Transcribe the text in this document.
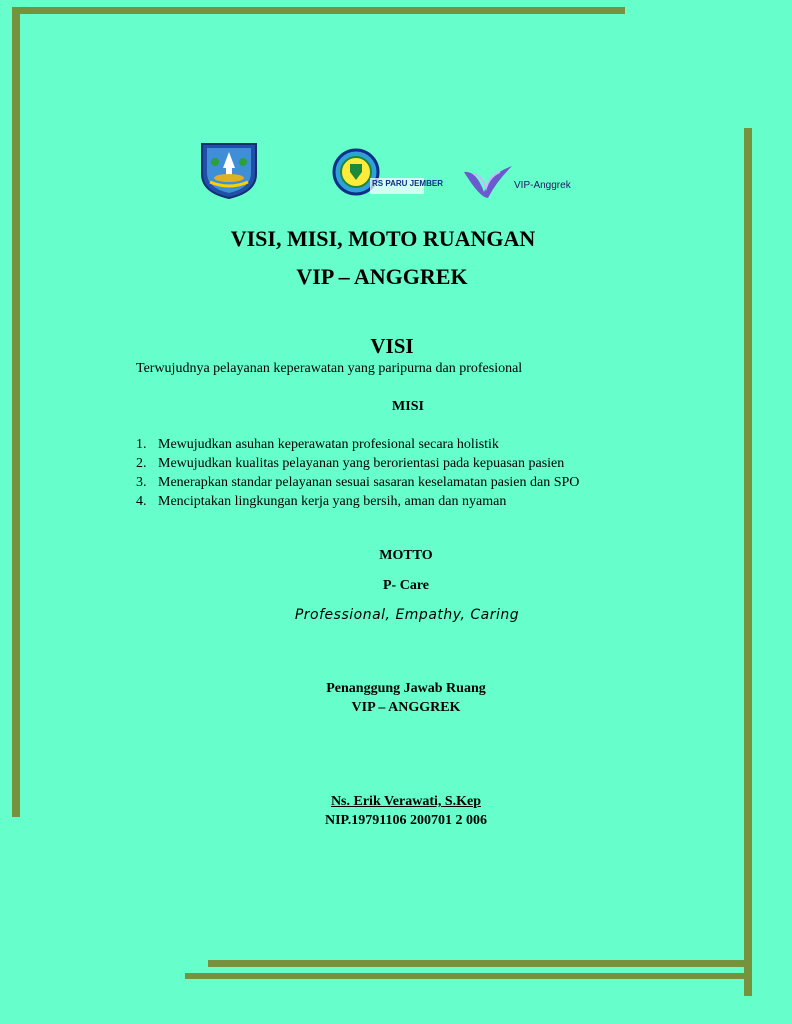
RS PARU JEMBER	VIP-Anggrek
VISI, MISI, MOTO RUANGAN
VIP – ANGGREK
VISI
Terwujudnya pelayanan keperawatan yang paripurna dan profesional
MISI
1. Mewujudkan asuhan keperawatan profesional secara holistik
2. Mewujudkan kualitas pelayanan yang berorientasi pada kepuasan pasien
3. Menerapkan standar pelayanan sesuai sasaran keselamatan pasien dan SPO
4. Menciptakan lingkungan kerja yang bersih, aman dan nyaman
MOTTO
P- Care
Professional, Empathy, Caring
Penanggung Jawab Ruang
VIP – ANGGREK
Ns. Erik Verawati, S.Kep
NIP.19791106 200701 2 006
